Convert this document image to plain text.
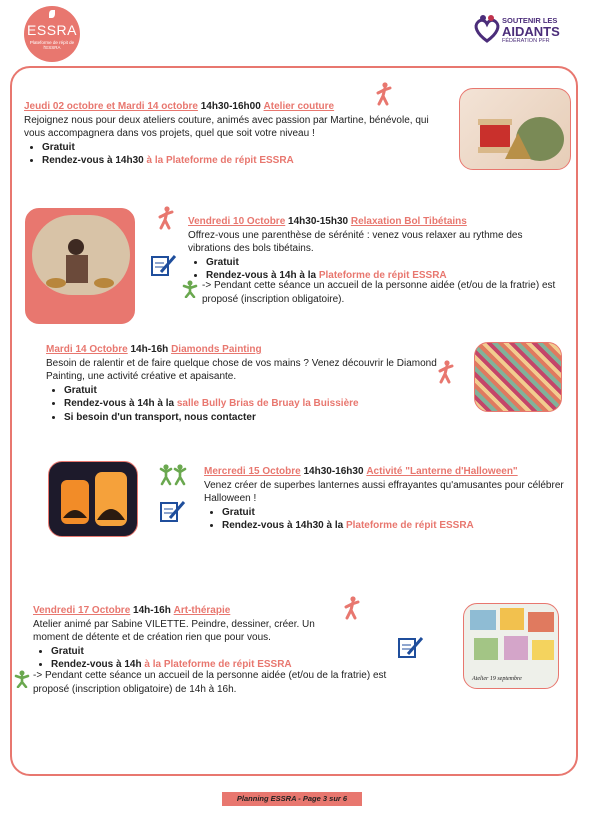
ESSRA
Plateforme de répit de l'ESSRA
SOUTENIR LES
AIDANTS
FÉDÉRATION PFR
Jeudi 02 octobre et Mardi 14 octobre 14h30-16h00 Atelier couture
Rejoignez nous pour deux ateliers couture, animés avec passion par Martine, bénévole, qui vous accompagnera dans vos projets, quel que soit votre niveau !
• Gratuit
• Rendez-vous à 14h30 à la Plateforme de répit ESSRA
Vendredi 10 Octobre 14h30-15h30 Relaxation Bol Tibétains
Offrez-vous une parenthèse de sérénité : venez vous relaxer au rythme des vibrations des bols tibétains.
• Gratuit
• Rendez-vous à 14h à la Plateforme de répit ESSRA
-> Pendant cette séance un accueil de la personne aidée (et/ou de la fratrie) est proposé (inscription obligatoire).
Mardi 14 Octobre 14h-16h Diamonds Painting
Besoin de ralentir et de faire quelque chose de vos mains ? Venez découvrir le Diamond Painting, une activité créative et apaisante.
• Gratuit
• Rendez-vous à 14h à la salle Bully Brias de Bruay la Buissière
• Si besoin d'un transport, nous contacter
Mercredi 15 Octobre 14h30-16h30 Activité "Lanterne d'Halloween"
Venez créer de superbes lanternes aussi effrayantes qu'amusantes pour célébrer Halloween !
• Gratuit
• Rendez-vous à 14h30 à la Plateforme de répit ESSRA
Vendredi 17 Octobre 14h-16h Art-thérapie
Atelier animé par Sabine VILETTE. Peindre, dessiner, créer. Un moment de détente et de création rien que pour vous.
• Gratuit
• Rendez-vous à 14h à la Plateforme de répit ESSRA
-> Pendant cette séance un accueil de la personne aidée (et/ou de la fratrie) est proposé (inscription obligatoire) de 14h à 16h.
Atelier 19 septembre
Planning ESSRA - Page 3 sur 6
